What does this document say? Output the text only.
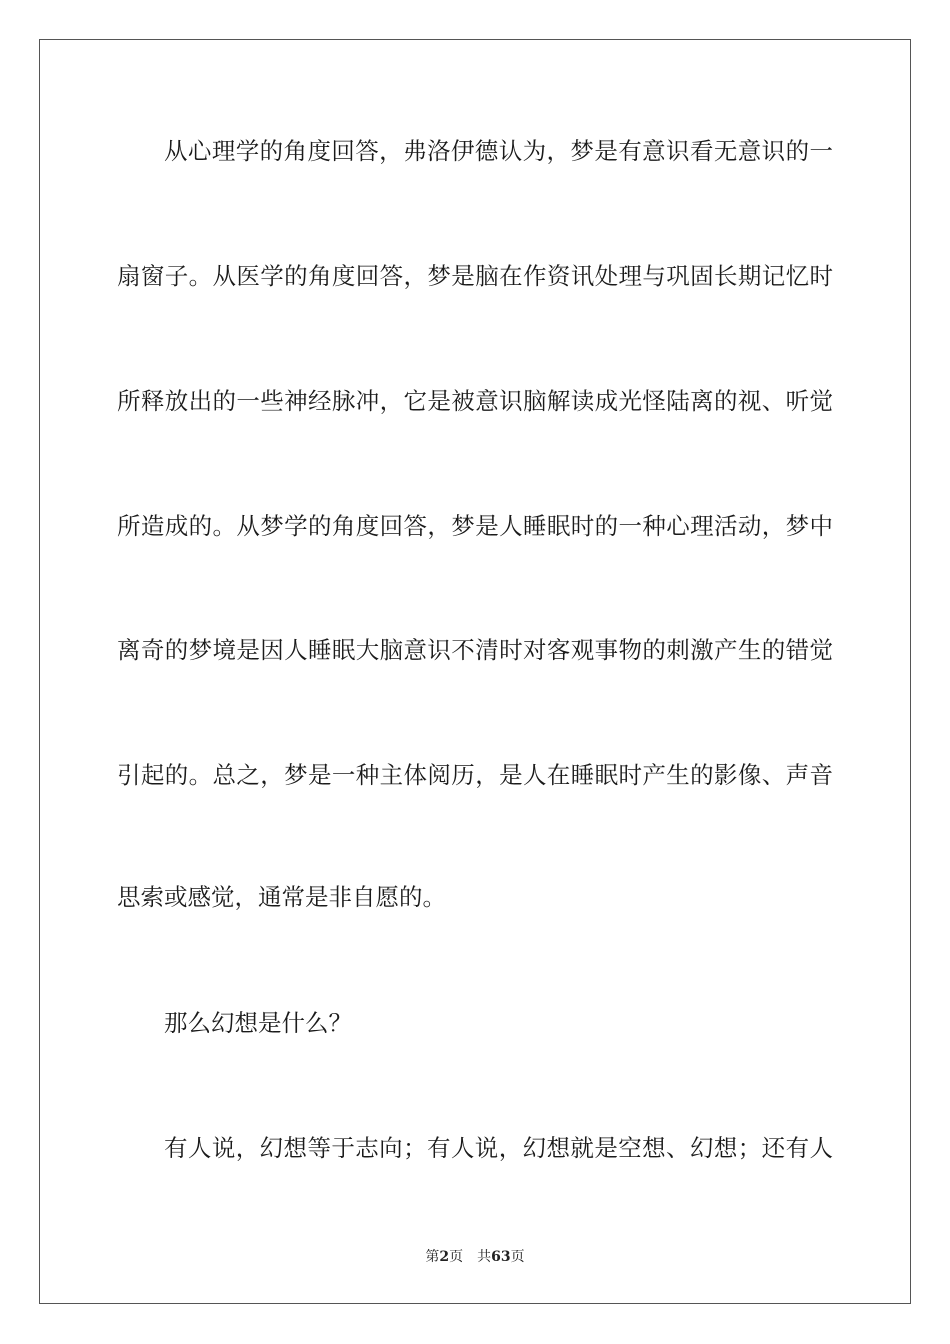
从心理学的角度回答，弗洛伊德认为，梦是有意识看无意识的一
扇窗子。从医学的角度回答，梦是脑在作资讯处理与巩固长期记忆时
所释放出的一些神经脉冲，它是被意识脑解读成光怪陆离的视、听觉
所造成的。从梦学的角度回答，梦是人睡眠时的一种心理活动，梦中
离奇的梦境是因人睡眠大脑意识不清时对客观事物的刺激产生的错觉
引起的。总之，梦是一种主体阅历，是人在睡眠时产生的影像、声音
思索或感觉，通常是非自愿的。
那么幻想是什么？
有人说，幻想等于志向；有人说，幻想就是空想、幻想；还有人
第2页 共63页
